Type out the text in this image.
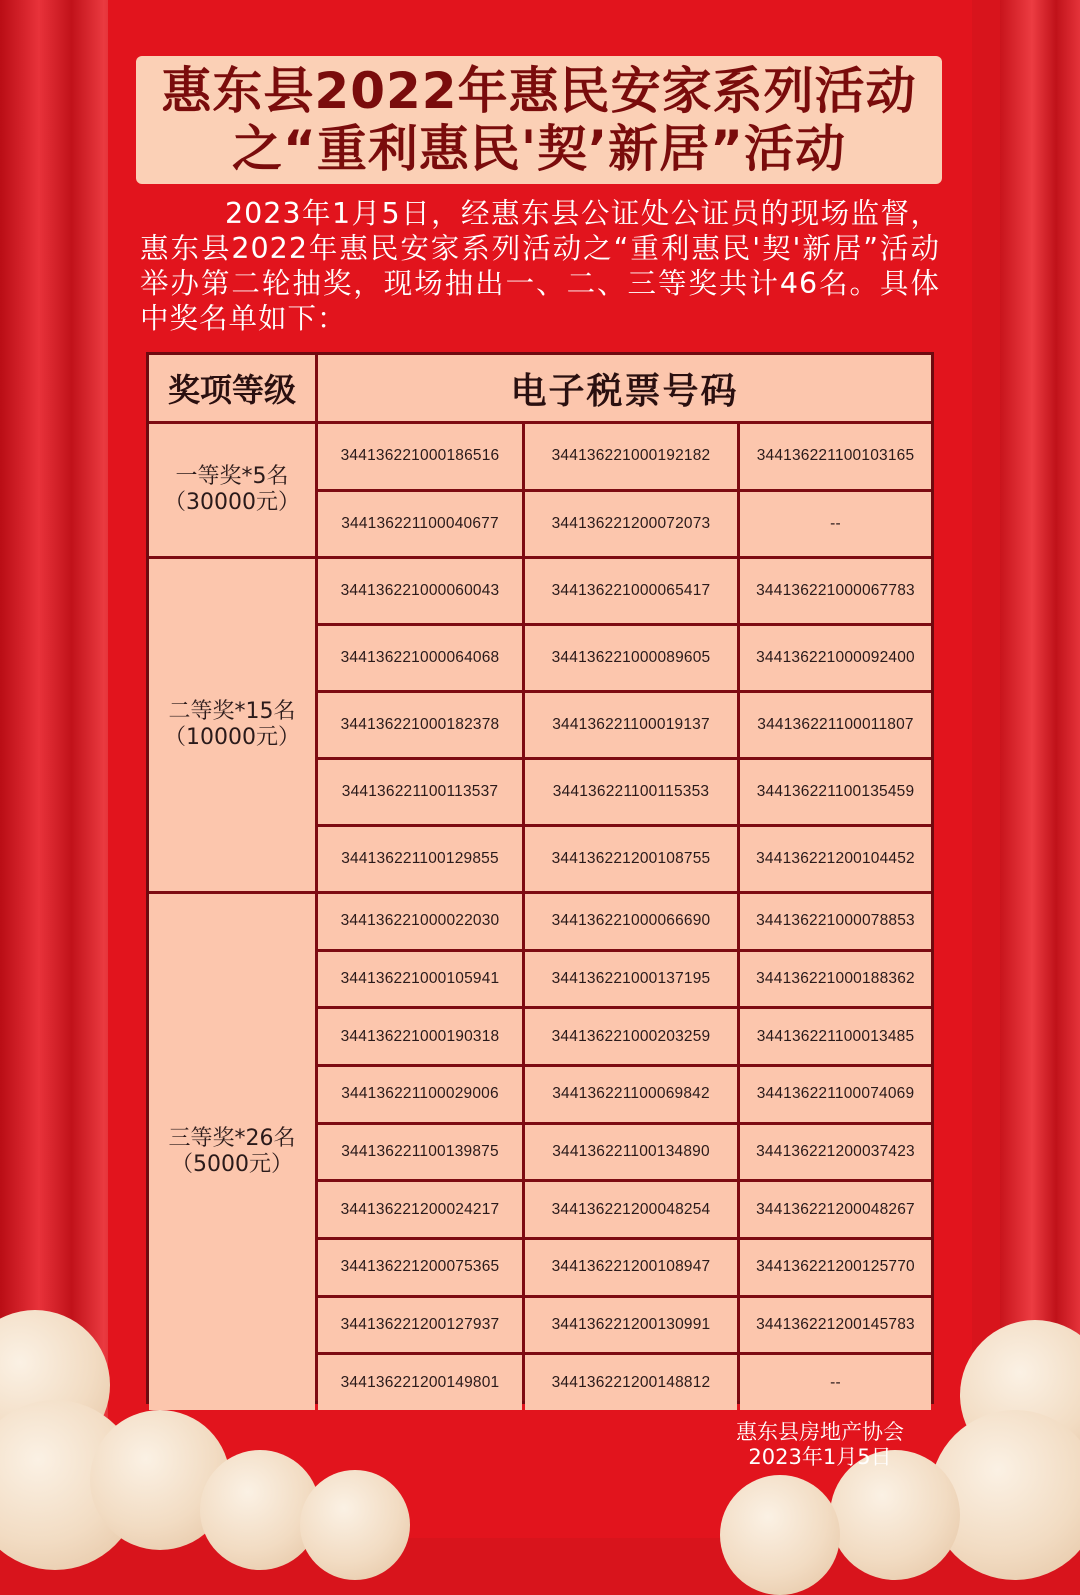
惠东县2022年惠民安家系列活动
之“重利惠民'契’新居”活动
2023年1月5日，经惠东县公证处公证员的现场监督，惠东县2022年惠民安家系列活动之“重利惠民'契'新居”活动举办第二轮抽奖，现场抽出一、二、三等奖共计46名。具体中奖名单如下：
奖项等级	电子税票号码
一等奖*5名
（30000元）
344136221000186516	344136221000192182	344136221100103165
344136221100040677	344136221200072073	--
二等奖*15名
（10000元）
344136221000060043	344136221000065417	344136221000067783
344136221000064068	344136221000089605	344136221000092400
344136221000182378	344136221100019137	344136221100011807
344136221100113537	344136221100115353	344136221100135459
344136221100129855	344136221200108755	344136221200104452
三等奖*26名
（5000元）
344136221000022030	344136221000066690	344136221000078853
344136221000105941	344136221000137195	344136221000188362
344136221000190318	344136221000203259	344136221100013485
344136221100029006	344136221100069842	344136221100074069
344136221100139875	344136221100134890	344136221200037423
344136221200024217	344136221200048254	344136221200048267
344136221200075365	344136221200108947	344136221200125770
344136221200127937	344136221200130991	344136221200145783
344136221200149801	344136221200148812	--
惠东县房地产协会
2023年1月5日
